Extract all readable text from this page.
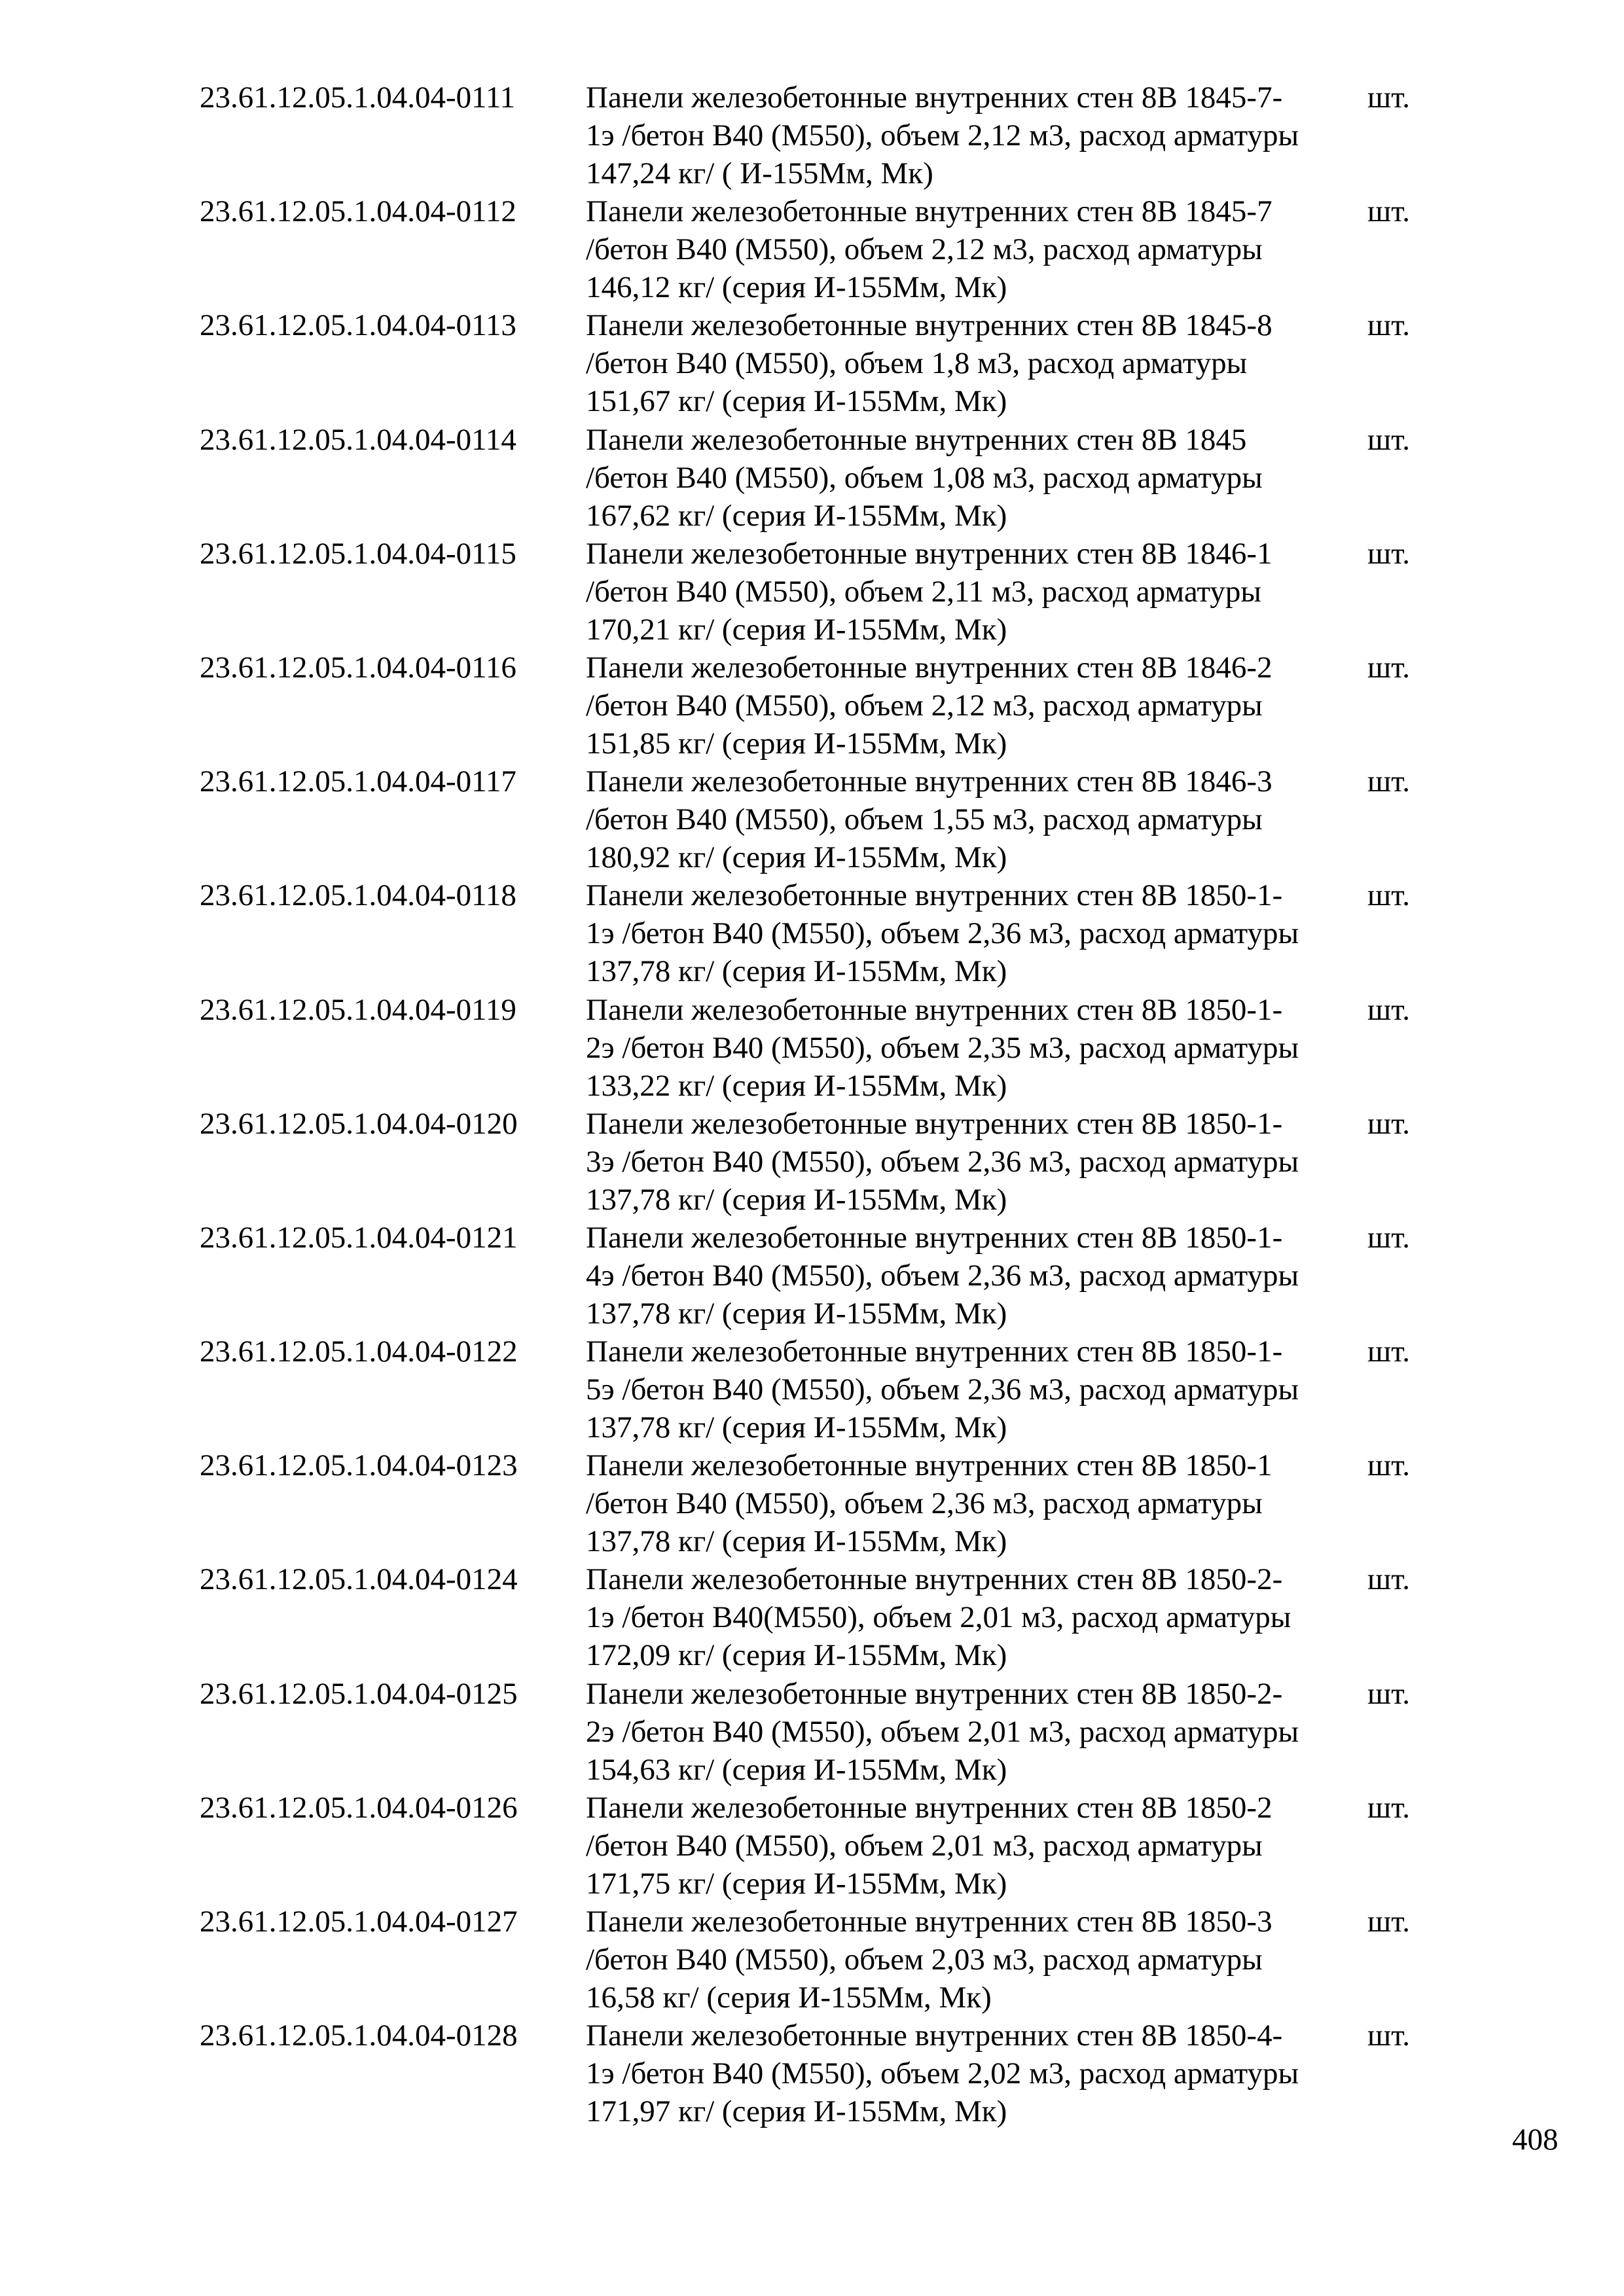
23.61.12.05.1.04.04-0111	Панели железобетонные внутренних стен 8В 1845-7-
1э /бетон В40 (М550), объем 2,12 м3, расход арматуры
147,24 кг/ ( И-155Мм, Мк)
шт.
23.61.12.05.1.04.04-0112	Панели железобетонные внутренних стен 8В 1845-7
/бетон В40 (М550), объем 2,12 м3, расход арматуры
146,12 кг/ (серия И-155Мм, Мк)
шт.
23.61.12.05.1.04.04-0113	Панели железобетонные внутренних стен 8В 1845-8
/бетон В40 (М550), объем 1,8 м3, расход арматуры
151,67 кг/ (серия И-155Мм, Мк)
шт.
23.61.12.05.1.04.04-0114	Панели железобетонные внутренних стен 8В 1845
/бетон В40 (М550), объем 1,08 м3, расход арматуры
167,62 кг/ (серия И-155Мм, Мк)
шт.
23.61.12.05.1.04.04-0115	Панели железобетонные внутренних стен 8В 1846-1
/бетон В40 (М550), объем 2,11 м3, расход арматуры
170,21 кг/ (серия И-155Мм, Мк)
шт.
23.61.12.05.1.04.04-0116	Панели железобетонные внутренних стен 8В 1846-2
/бетон В40 (М550), объем 2,12 м3, расход арматуры
151,85 кг/ (серия И-155Мм, Мк)
шт.
23.61.12.05.1.04.04-0117	Панели железобетонные внутренних стен 8В 1846-3
/бетон В40 (М550), объем 1,55 м3, расход арматуры
180,92 кг/ (серия И-155Мм, Мк)
шт.
23.61.12.05.1.04.04-0118	Панели железобетонные внутренних стен 8В 1850-1-
1э /бетон В40 (М550), объем 2,36 м3, расход арматуры
137,78 кг/ (серия И-155Мм, Мк)
шт.
23.61.12.05.1.04.04-0119	Панели железобетонные внутренних стен 8В 1850-1-
2э /бетон В40 (М550), объем 2,35 м3, расход арматуры
133,22 кг/ (серия И-155Мм, Мк)
шт.
23.61.12.05.1.04.04-0120	Панели железобетонные внутренних стен 8В 1850-1-
3э /бетон В40 (М550), объем 2,36 м3, расход арматуры
137,78 кг/ (серия И-155Мм, Мк)
шт.
23.61.12.05.1.04.04-0121	Панели железобетонные внутренних стен 8В 1850-1-
4э /бетон В40 (М550), объем 2,36 м3, расход арматуры
137,78 кг/ (серия И-155Мм, Мк)
шт.
23.61.12.05.1.04.04-0122	Панели железобетонные внутренних стен 8В 1850-1-
5э /бетон В40 (М550), объем 2,36 м3, расход арматуры
137,78 кг/ (серия И-155Мм, Мк)
шт.
23.61.12.05.1.04.04-0123	Панели железобетонные внутренних стен 8В 1850-1
/бетон В40 (М550), объем 2,36 м3, расход арматуры
137,78 кг/ (серия И-155Мм, Мк)
шт.
23.61.12.05.1.04.04-0124	Панели железобетонные внутренних стен 8В 1850-2-
1э /бетон В40(М550), объем 2,01 м3, расход арматуры
172,09 кг/ (серия И-155Мм, Мк)
шт.
23.61.12.05.1.04.04-0125	Панели железобетонные внутренних стен 8В 1850-2-
2э /бетон В40 (М550), объем 2,01 м3, расход арматуры
154,63 кг/ (серия И-155Мм, Мк)
шт.
23.61.12.05.1.04.04-0126	Панели железобетонные внутренних стен 8В 1850-2
/бетон В40 (М550), объем 2,01 м3, расход арматуры
171,75 кг/ (серия И-155Мм, Мк)
шт.
23.61.12.05.1.04.04-0127	Панели железобетонные внутренних стен 8В 1850-3
/бетон В40 (М550), объем 2,03 м3, расход арматуры
16,58 кг/ (серия И-155Мм, Мк)
шт.
23.61.12.05.1.04.04-0128	Панели железобетонные внутренних стен 8В 1850-4-
1э /бетон В40 (М550), объем 2,02 м3, расход арматуры
171,97 кг/ (серия И-155Мм, Мк)
шт.
408
